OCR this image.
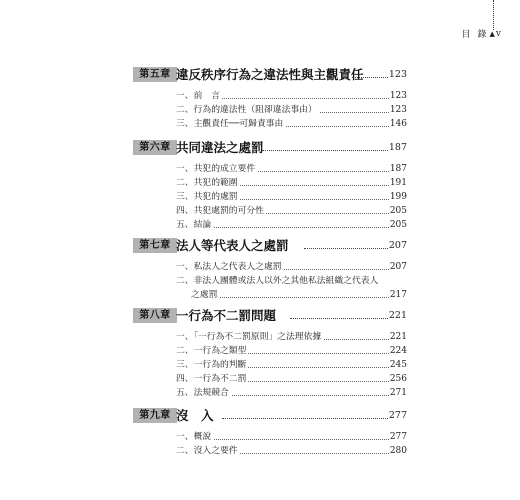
目 錄 ▲ v
第五章 違反秩序行為之違法性與主觀責任	123
一、前　言	123
二、行為的違法性（阻卻違法事由）	123
三、主觀責任──可歸責事由	146
第六章 共同違法之處罰	187
一、共犯的成立要件	187
二、共犯的範圍	191
三、共犯的處罰	199
四、共犯處罰的可分性	205
五、結論	205
第七章 法人等代表人之處罰	207
一、私法人之代表人之處罰	207
二、非法人團體或法人以外之其他私法組織之代表人
之處罰	217
第八章 一行為不二罰問題	221
一、「一行為不二罰原則」之法理依據	221
二、一行為之類型	224
三、一行為的判斷	245
四、一行為不二罰	256
五、法規競合	271
第九章 沒　入	277
一、概說	277
二、沒入之要件	280
